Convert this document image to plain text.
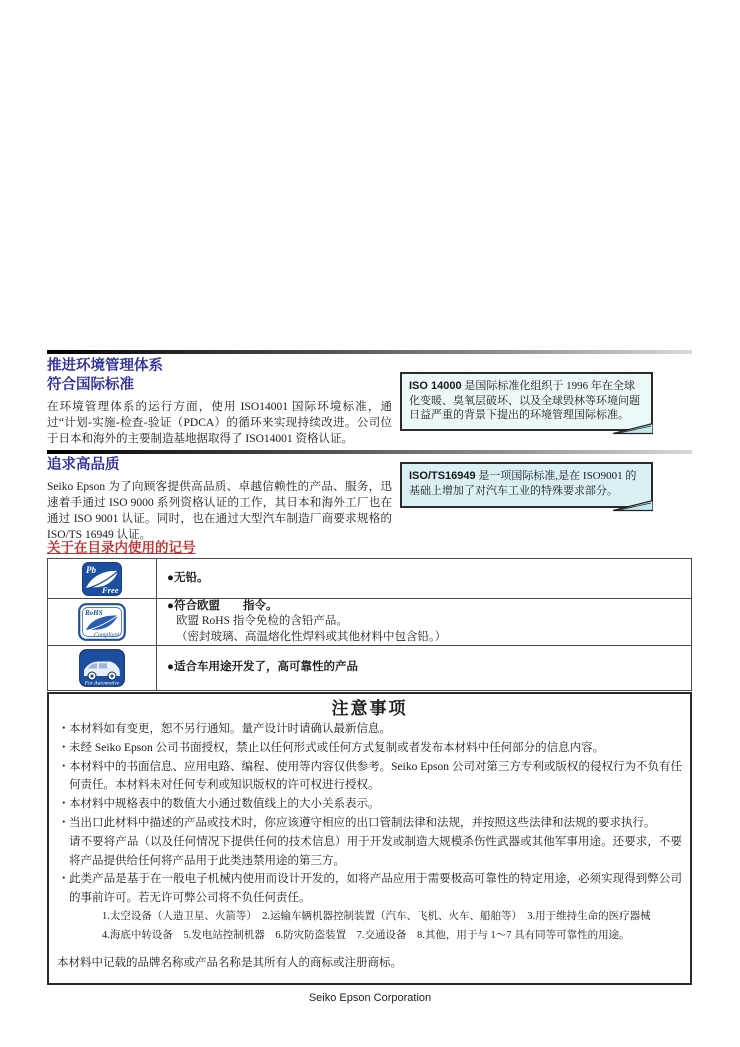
推进环境管理体系
符合国际标准

在环境管理体系的运行方面，使用 ISO14001 国际环境标准，通过“计划-实施-检查-验证（PDCA）的循环来实现持续改进。公司位于日本和海外的主要制造基地据取得了 ISO14001 资格认证。

ISO 14000 是国际标准化组织于 1996 年在全球化变暖、臭氧层破坏、以及全球毁林等环境问题日益严重的背景下提出的环境管理国际标准。
追求高品质

Seiko Epson 为了向顾客提供高品质、卓越信赖性的产品、服务，迅速着手通过 ISO 9000 系列资格认证的工作，其日本和海外工厂也在通过 ISO 9001 认证。同时，也在通过大型汽车制造厂商要求规格的ISO/TS 16949 认证。

ISO/TS16949 是一项国际标准,是在 ISO9001 的基础上增加了对汽车工业的特殊要求部分。
关于在目录内使用的记号
Pb
Free
●无铅。
RoHS
Compliant
●符合欧盟　　指令。
欧盟 RoHS 指令免检的含铅产品。
（密封玻璃、高温熔化性焊料或其他材料中包含铅。）
For Automotive
●适合车用途开发了，高可靠性的产品
注意事项
・ 本材料如有变更，恕不另行通知。量产设计时请确认最新信息。
・ 未经 Seiko Epson 公司书面授权，禁止以任何形式或任何方式复制或者发布本材料中任何部分的信息内容。
・ 本材料中的书面信息、应用电路、编程、使用等内容仅供参考。Seiko Epson 公司对第三方专利或版权的侵权行为不负有任何责任。本材料未对任何专利或知识版权的许可权进行授权。
・ 本材料中规格表中的数值大小通过数值线上的大小关系表示。
・ 当出口此材料中描述的产品或技术时，你应该遵守相应的出口管制法律和法规，并按照这些法律和法规的要求执行。
请不要将产品（以及任何情况下提供任何的技术信息）用于开发或制造大规模杀伤性武器或其他军事用途。还要求，不要将产品提供给任何将产品用于此类违禁用途的第三方。
・ 此类产品是基于在一般电子机械内使用而设计开发的，如将产品应用于需要极高可靠性的特定用途，必须实现得到弊公司的事前许可。若无许可弊公司将不负任何责任。
1.太空设备（人造卫星、火箭等）　2.运输车辆机器控制装置（汽车、飞机、火车、船舶等）　3.用于维持生命的医疗器械
4.海底中转设备　5.发电站控制机器　6.防灾防盗装置　7.交通设备　8.其他，用于与 1～7 具有同等可靠性的用途。
本材料中记载的品牌名称或产品名称是其所有人的商标或注册商标。
Seiko Epson Corporation
